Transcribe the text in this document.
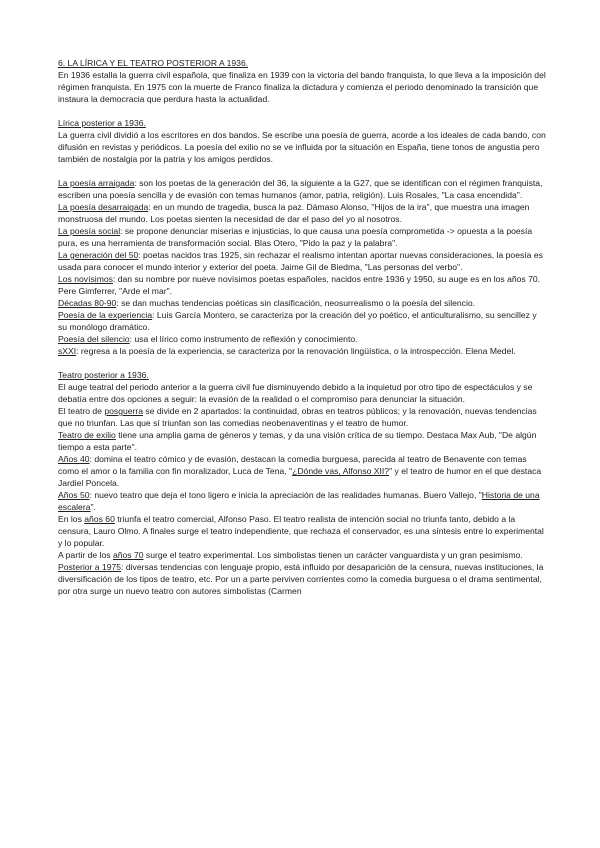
6. LA LÍRICA Y EL TEATRO POSTERIOR A 1936.

En 1936 estalla la guerra civil española, que finaliza en 1939 con la victoria del bando franquista, lo que lleva a la imposición del régimen franquista. En 1975 con la muerte de Franco finaliza la dictadura y comienza el periodo denominado la transición que instaura la democracia que perdura hasta la actualidad.

Lírica posterior a 1936.

La guerra civil dividió a los escritores en dos bandos. Se escribe una poesía de guerra, acorde a los ideales de cada bando, con difusión en revistas y periódicos. La poesía del exilio no se ve influida por la situación en España, tiene tonos de angustia pero también de nostalgia por la patria y los amigos perdidos.

La poesía arraigada: son los poetas de la generación del 36, la siguiente a la G27, que se identifican con el régimen franquista, escriben una poesía sencilla y de evasión con temas humanos (amor, patria, religión). Luis Rosales, "La casa encendida".

La poesía desarraigada: en un mundo de tragedia, busca la paz. Dámaso Alonso, "Hijos de la ira", que muestra una imagen monstruosa del mundo. Los poetas sienten la necesidad de dar el paso del yo al nosotros.

La poesía social: se propone denunciar miserias e injusticias, lo que causa una poesía comprometida -> opuesta a la poesía pura, es una herramienta de transformación social. Blas Otero, "Pido la paz y la palabra".

La generación del 50: poetas nacidos tras 1925, sin rechazar el realismo intentan aportar nuevas consideraciones, la poesía es usada para conocer el mundo interior y exterior del poeta. Jaime Gil de Biedma, "Las personas del verbo".

Los novísimos: dan su nombre por nueve novísimos poetas españoles, nacidos entre 1936 y 1950, su auge es en los años 70. Pere Gimferrer, "Arde el mar".

Décadas 80-90: se dan muchas tendencias poéticas sin clasificación, neosurrealismo o la poesía del silencio.

Poesía de la experiencia: Luis García Montero, se caracteriza por la creación del yo poético, el anticulturalismo, su sencillez y su monólogo dramático.

Poesía del silencio: usa el lírico como instrumento de reflexión y conocimiento.

sXXI: regresa a la poesía de la experiencia, se caracteriza por la renovación lingüística, o la introspección. Elena Medel.

Teatro posterior a 1936.

El auge teatral del periodo anterior a la guerra civil fue disminuyendo debido a la inquietud por otro tipo de espectáculos y se debatía entre dos opciones a seguir: la evasión de la realidad o el compromiso para denunciar la situación.

El teatro de posguerra se divide en 2 apartados: la continuidad, obras en teatros públicos; y la renovación, nuevas tendencias que no triunfan. Las que sí triunfan son las comedias neobenaventinas y el teatro de humor.

Teatro de exilio tiene una amplia gama de géneros y temas, y da una visión crítica de su tiempo. Destaca Max Aub, "De algún tiempo a esta parte".

Años 40: domina el teatro cómico y de evasión, destacan la comedia burguesa, parecida al teatro de Benavente con temas como el amor o la familia con fin moralizador, Luca de Tena, "¿Dónde vas, Alfonso XII?" y el teatro de humor en el que destaca Jardiel Poncela.

Años 50: nuevo teatro que deja el tono ligero e inicia la apreciación de las realidades humanas. Buero Vallejo, "Historia de una escalera".

En los años 60 triunfa el teatro comercial, Alfonso Paso. El teatro realista de intención social no triunfa tanto, debido a la censura, Lauro Olmo. A finales surge el teatro independiente, que rechaza el conservador, es una síntesis entre lo experimental y lo popular.

A partir de los años 70 surge el teatro experimental. Los simbolistas tienen un carácter vanguardista y un gran pesimismo.

Posterior a 1975: diversas tendencias con lenguaje propio, está influido por desaparición de la censura, nuevas instituciones, la diversificación de los tipos de teatro, etc. Por un a parte perviven corrientes como la comedia burguesa o el drama sentimental, por otra surge un nuevo teatro con autores simbolistas (Carmen
